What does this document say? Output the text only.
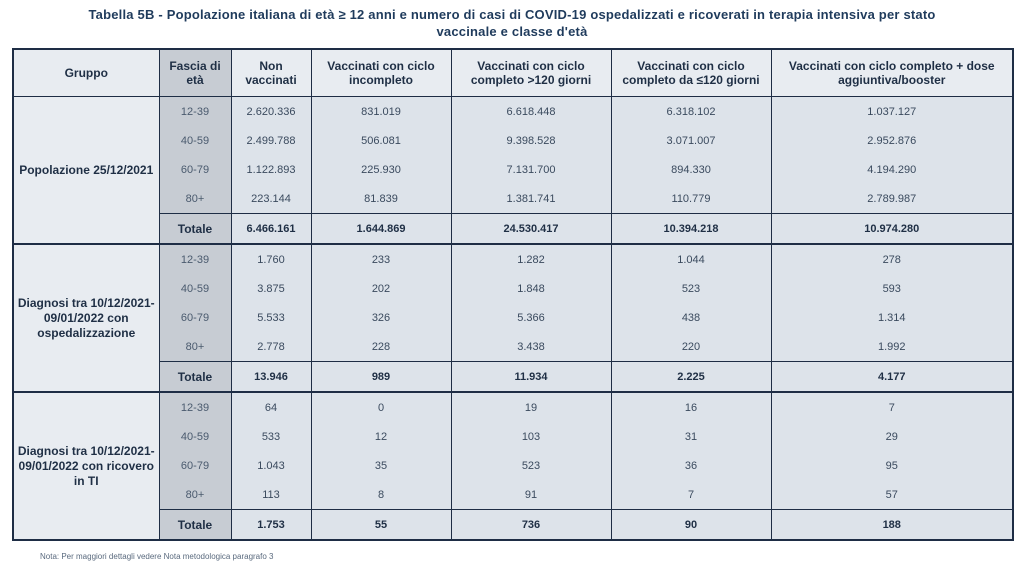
Tabella 5B - Popolazione italiana di età ≥ 12 anni e numero di casi di COVID-19 ospedalizzati e ricoverati in terapia intensiva per stato
vaccinale e classe d'età
Gruppo	Fascia di età	Non vaccinati	Vaccinati con ciclo incompleto	Vaccinati con ciclo completo >120 giorni	Vaccinati con ciclo completo da ≤120 giorni	Vaccinati con ciclo completo + dose aggiuntiva/booster
Popolazione 25/12/2021	12-39	2.620.336	831.019	6.618.448	6.318.102	1.037.127
	40-59	2.499.788	506.081	9.398.528	3.071.007	2.952.876
	60-79	1.122.893	225.930	7.131.700	894.330	4.194.290
	80+	223.144	81.839	1.381.741	110.779	2.789.987
	Totale	6.466.161	1.644.869	24.530.417	10.394.218	10.974.280
Diagnosi tra 10/12/2021-09/01/2022 con ospedalizzazione	12-39	1.760	233	1.282	1.044	278
	40-59	3.875	202	1.848	523	593
	60-79	5.533	326	5.366	438	1.314
	80+	2.778	228	3.438	220	1.992
	Totale	13.946	989	11.934	2.225	4.177
Diagnosi tra 10/12/2021-09/01/2022 con ricovero in TI	12-39	64	0	19	16	7
	40-59	533	12	103	31	29
	60-79	1.043	35	523	36	95
	80+	113	8	91	7	57
	Totale	1.753	55	736	90	188
Nota: Per maggiori dettagli vedere Nota metodologica paragrafo 3
